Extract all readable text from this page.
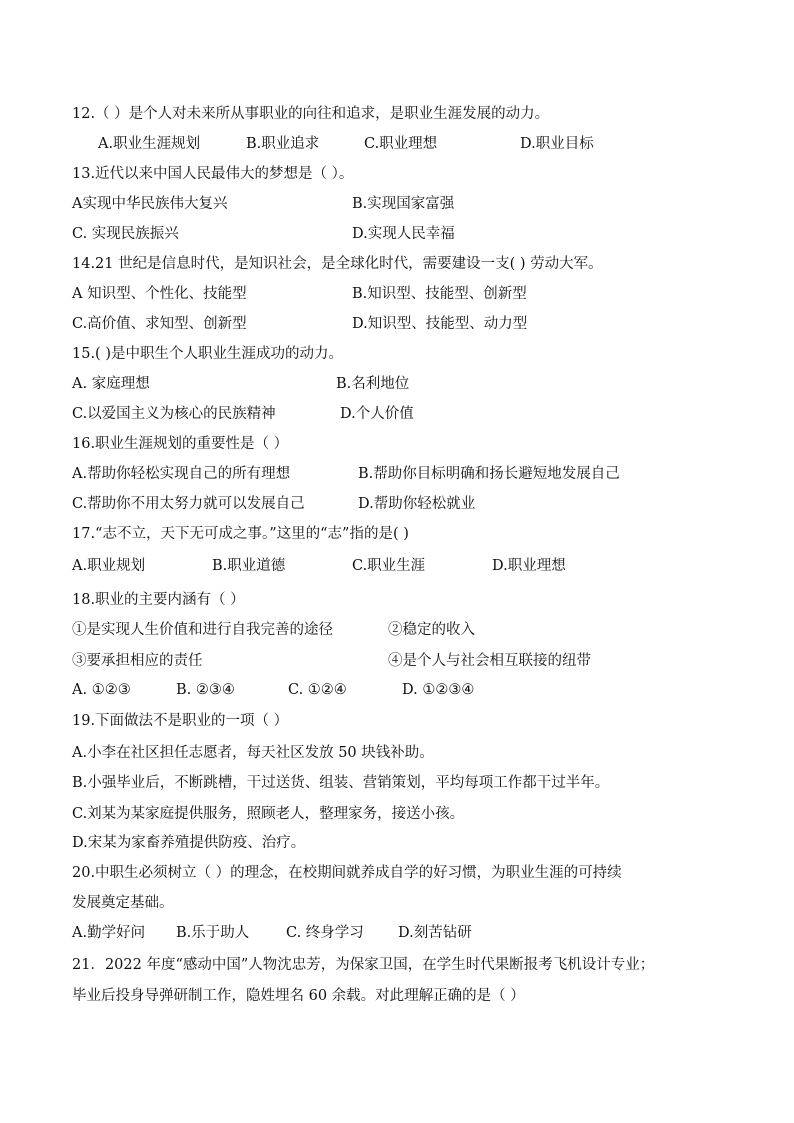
12.（ ）是个人对未来所从事职业的向往和追求，是职业生涯发展的动力。
A.职业生涯规划	B.职业追求	C.职业理想	D.职业目标
13.近代以来中国人民最伟大的梦想是（ ）。
A实现中华民族伟大复兴	B.实现国家富强
C. 实现民族振兴	D.实现人民幸福
14.21 世纪是信息时代，是知识社会，是全球化时代，需要建设一支( ) 劳动大军。
A 知识型、个性化、技能型	B.知识型、技能型、创新型
C.高价值、求知型、创新型	D.知识型、技能型、动力型
15.( )是中职生个人职业生涯成功的动力。
A. 家庭理想	B.名利地位
C.以爱国主义为核心的民族精神	D.个人价值
16.职业生涯规划的重要性是（ ）
A.帮助你轻松实现自己的所有理想	B.帮助你目标明确和扬长避短地发展自己
C.帮助你不用太努力就可以发展自己	D.帮助你轻松就业
17.“志不立，天下无可成之事。”这里的“志”指的是( )
A.职业规划	B.职业道德	C.职业生涯	D.职业理想
18.职业的主要内涵有（ ）
①是实现人生价值和进行自我完善的途径	②稳定的收入
③要承担相应的责任	④是个人与社会相互联接的纽带
A. ①②③	B. ②③④	C. ①②④	D. ①②③④
19.下面做法不是职业的一项（ ）
A.小李在社区担任志愿者，每天社区发放 50 块钱补助。
B.小强毕业后，不断跳槽，干过送货、组装、营销策划，平均每项工作都干过半年。
C.刘某为某家庭提供服务，照顾老人，整理家务，接送小孩。
D.宋某为家畜养殖提供防疫、治疗。
20.中职生必须树立（ ）的理念，在校期间就养成自学的好习惯，为职业生涯的可持续
发展奠定基础。
A.勤学好问 B.乐于助人	C. 终身学习 D.刻苦钻研
21．2022 年度“感动中国”人物沈忠芳，为保家卫国，在学生时代果断报考飞机设计专业；
毕业后投身导弹研制工作，隐姓埋名 60 余载。对此理解正确的是（ ）
